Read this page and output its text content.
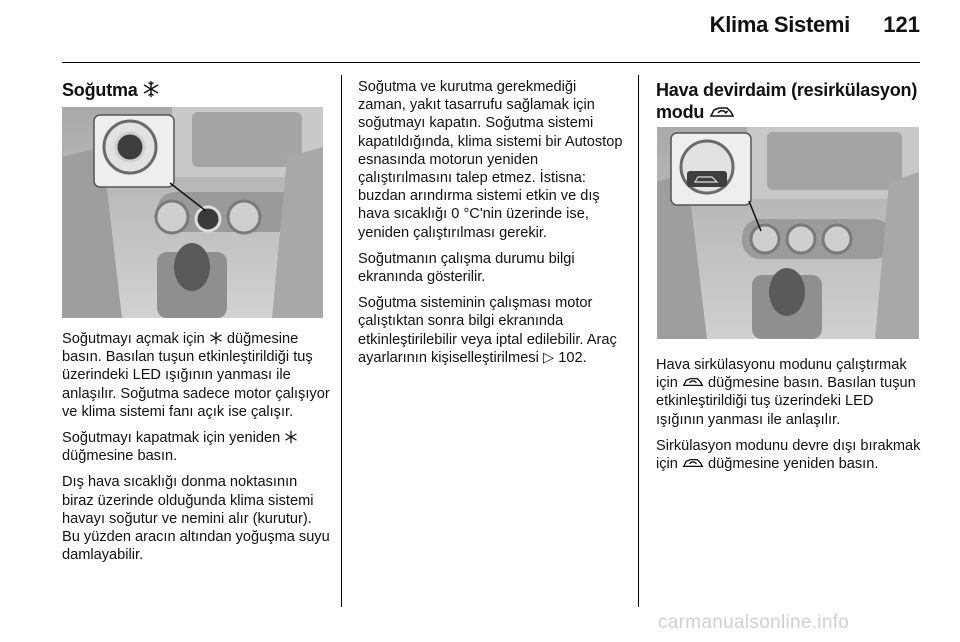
Klima Sistemi	121
Soğutma

Soğutmayı açmak için düğmesine basın. Basılan tuşun etkinleştirildiği tuş üzerindeki LED ışığının yanması ile anlaşılır. Soğutma sadece motor çalışıyor ve klima sistemi fanı açık ise çalışır.

Soğutmayı kapatmak için yeniden  düğmesine basın.

Dış hava sıcaklığı donma noktasının biraz üzerinde olduğunda klima sistemi havayı soğutur ve nemini alır (kurutur). Bu yüzden aracın altından yoğuşma suyu damlayabilir.

Soğutma ve kurutma gerekmediği zaman, yakıt tasarrufu sağlamak için soğutmayı kapatın. Soğutma sistemi kapatıldığında, klima sistemi bir Autostop esnasında motorun yeniden çalıştırılmasını talep etmez. İstisna: buzdan arındırma sistemi etkin ve dış hava sıcaklığı 0 °C'nin üzerinde ise, yeniden çalıştırılması gerekir.

Soğutmanın çalışma durumu bilgi ekranında gösterilir.

Soğutma sisteminin çalışması motor çalıştıktan sonra bilgi ekranında etkinleştirilebilir veya iptal edilebilir. Araç ayarlarının kişiselleştirilmesi ▷ 102.

Hava devirdaim (resirkülasyon) modu

Hava sirkülasyonu modunu çalıştırmak için düğmesine basın. Basılan tuşun etkinleştirildiği tuş üzerindeki LED ışığının yanması ile anlaşılır.

Sirkülasyon modunu devre dışı bırakmak için düğmesine yeniden basın.

carmanualsonline.info
